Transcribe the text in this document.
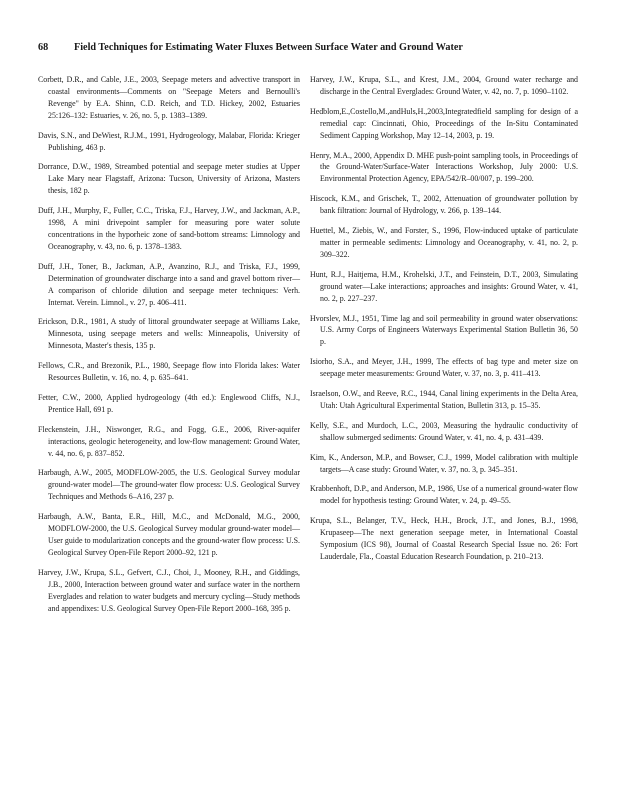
68	Field Techniques for Estimating Water Fluxes Between Surface Water and Ground Water

Corbett, D.R., and Cable, J.E., 2003, Seepage meters and advective transport in coastal environments—Comments on "Seepage Meters and Bernoulli's Revenge" by E.A. Shinn, C.D. Reich, and T.D. Hickey, 2002, Estuaries 25:126–132: Estuaries, v. 26, no. 5, p. 1383–1389.

Davis, S.N., and DeWiest, R.J.M., 1991, Hydrogeology, Malabar, Florida: Krieger Publishing, 463 p.

Dorrance, D.W., 1989, Streambed potential and seepage meter studies at Upper Lake Mary near Flagstaff, Arizona: Tucson, University of Arizona, Masters thesis, 182 p.

Duff, J.H., Murphy, F., Fuller, C.C., Triska, F.J., Harvey, J.W., and Jackman, A.P., 1998, A mini drivepoint sampler for measuring pore water solute concentrations in the hyporheic zone of sand-bottom streams: Limnology and Oceanography, v. 43, no. 6, p. 1378–1383.

Duff, J.H., Toner, B., Jackman, A.P., Avanzino, R.J., and Triska, F.J., 1999, Determination of groundwater discharge into a sand and gravel bottom river—A comparison of chloride dilution and seepage meter techniques: Verh. Internat. Verein. Limnol., v. 27, p. 406–411.

Erickson, D.R., 1981, A study of littoral groundwater seepage at Williams Lake, Minnesota, using seepage meters and wells: Minneapolis, University of Minnesota, Master's thesis, 135 p.

Fellows, C.R., and Brezonik, P.L., 1980, Seepage flow into Florida lakes: Water Resources Bulletin, v. 16, no. 4, p. 635–641.

Fetter, C.W., 2000, Applied hydrogeology (4th ed.): Englewood Cliffs, N.J., Prentice Hall, 691 p.

Fleckenstein, J.H., Niswonger, R.G., and Fogg, G.E., 2006, River-aquifer interactions, geologic heterogeneity, and low-flow management: Ground Water, v. 44, no. 6, p. 837–852.

Harbaugh, A.W., 2005, MODFLOW-2005, the U.S. Geological Survey modular ground-water model—The ground-water flow process: U.S. Geological Survey Techniques and Methods 6–A16, 237 p.

Harbaugh, A.W., Banta, E.R., Hill, M.C., and McDonald, M.G., 2000, MODFLOW-2000, the U.S. Geological Survey modular ground-water model—User guide to modularization concepts and the ground-water flow process: U.S. Geological Survey Open-File Report 2000–92, 121 p.

Harvey, J.W., Krupa, S.L., Gefvert, C.J., Choi, J., Mooney, R.H., and Giddings, J.B., 2000, Interaction between ground water and surface water in the northern Everglades and relation to water budgets and mercury cycling—Study methods and appendixes: U.S. Geological Survey Open-File Report 2000–168, 395 p.

Harvey, J.W., Krupa, S.L., and Krest, J.M., 2004, Ground water recharge and discharge in the Central Everglades: Ground Water, v. 42, no. 7, p. 1090–1102.

Hedblom,E.,Costello,M.,andHuls,H.,2003,Integratedfield sampling for design of a remedial cap: Cincinnati, Ohio, Proceedings of the In-Situ Contaminated Sediment Capping Workshop, May 12–14, 2003, p. 19.

Henry, M.A., 2000, Appendix D. MHE push-point sampling tools, in Proceedings of the Ground-Water/Surface-Water Interactions Workshop, July 2000: U.S. Environmental Protection Agency, EPA/542/R–00/007, p. 199–200.

Hiscock, K.M., and Grischek, T., 2002, Attenuation of groundwater pollution by bank filtration: Journal of Hydrology, v. 266, p. 139–144.

Huettel, M., Ziebis, W., and Forster, S., 1996, Flow-induced uptake of particulate matter in permeable sediments: Limnology and Oceanography, v. 41, no. 2, p. 309–322.

Hunt, R.J., Haitjema, H.M., Krohelski, J.T., and Feinstein, D.T., 2003, Simulating ground water—Lake interactions; approaches and insights: Ground Water, v. 41, no. 2, p. 227–237.

Hvorslev, M.J., 1951, Time lag and soil permeability in ground water observations: U.S. Army Corps of Engineers Waterways Experimental Station Bulletin 36, 50 p.

Isiorho, S.A., and Meyer, J.H., 1999, The effects of bag type and meter size on seepage meter measurements: Ground Water, v. 37, no. 3, p. 411–413.

Israelson, O.W., and Reeve, R.C., 1944, Canal lining experiments in the Delta Area, Utah: Utah Agricultural Experimental Station, Bulletin 313, p. 15–35.

Kelly, S.E., and Murdoch, L.C., 2003, Measuring the hydraulic conductivity of shallow submerged sediments: Ground Water, v. 41, no. 4, p. 431–439.

Kim, K., Anderson, M.P., and Bowser, C.J., 1999, Model calibration with multiple targets—A case study: Ground Water, v. 37, no. 3, p. 345–351.

Krabbenhoft, D.P., and Anderson, M.P., 1986, Use of a numerical ground-water flow model for hypothesis testing: Ground Water, v. 24, p. 49–55.

Krupa, S.L., Belanger, T.V., Heck, H.H., Brock, J.T., and Jones, B.J., 1998, Krupaseep—The next generation seepage meter, in International Coastal Symposium (ICS 98), Journal of Coastal Research Special Issue no. 26: Fort Lauderdale, Fla., Coastal Education Research Foundation, p. 210–213.
